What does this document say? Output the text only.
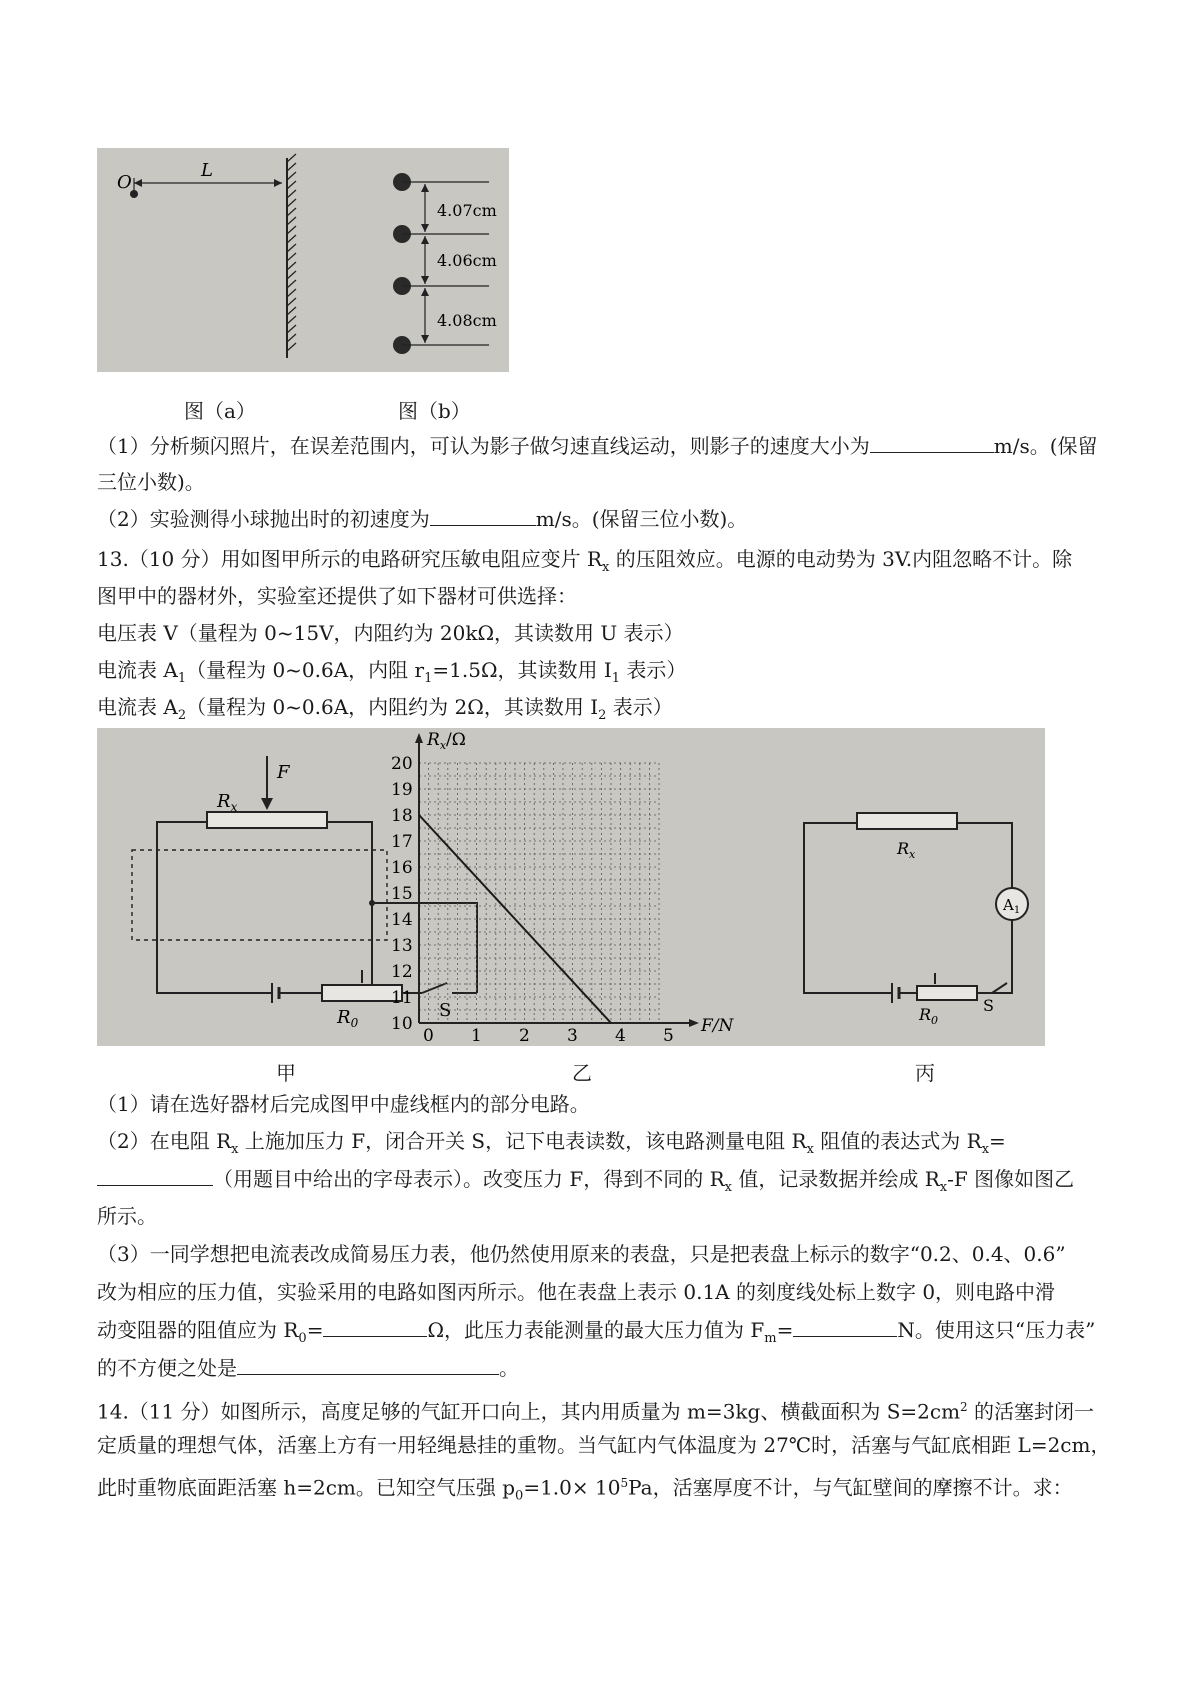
O
L
4.07cm
4.06cm
4.08cm
图（a）	图（b）
（1）分析频闪照片，在误差范围内，可认为影子做匀速直线运动，则影子的速度大小为	m/s。(保留
三位小数)。
（2）实验测得小球抛出时的初速度为	m/s。(保留三位小数)。
13.（10 分）用如图甲所示的电路研究压敏电阻应变片 $R_x$ 的压阻效应。电源的电动势为 3V.内阻忽略不计。除
图甲中的器材外，实验室还提供了如下器材可供选择：
电压表 V（量程为 0~15V，内阻约为 20kΩ，其读数用 U 表示）
电流表 $A_1$（量程为 0~0.6A，内阻 $r_1=1.5\Omega$，其读数用 $I_1$ 表示）
电流表 $A_2$（量程为 0~0.6A，内阻约为 2Ω，其读数用 $I_2$ 表示）
$R_x$
F
$R_0$
S
$R_x$
$A_1$
$R_0$
S
0 1 2 3 4 5
10
11
12
13
14
15
16
17
18
19
20
$R_x/\Omega$
F/N
甲	乙	丙
（1）请在选好器材后完成图甲中虚线框内的部分电路。
（2）在电阻 $R_x$ 上施加压力 F，闭合开关 S，记下电表读数，该电路测量电阻 $R_x$ 阻值的表达式为 $R_x=$
（用题目中给出的字母表示）。改变压力 F，得到不同的 $R_x$ 值，记录数据并绘成 $R_x-F$ 图像如图乙
所示。
（3）一同学想把电流表改成简易压力表，他仍然使用原来的表盘，只是把表盘上标示的数字“0.2、0.4、0.6”
改为相应的压力值，实验采用的电路如图丙所示。他在表盘上表示 0.1A 的刻度线处标上数字 0，则电路中滑
动变阻器的阻值应为 $R_0=$	Ω，此压力表能测量的最大压力值为 $F_m=$	N。使用这只“压力表”
的不方便之处是	。
14.（11 分）如图所示，高度足够的气缸开口向上，其内用质量为 m=3kg、横截面积为 $S=2cm^2$ 的活塞封闭一
定质量的理想气体，活塞上方有一用轻绳悬挂的重物。当气缸内气体温度为 27℃时，活塞与气缸底相距 L=2cm，
此时重物底面距活塞 h=2cm。已知空气压强 $p_0=1.0\times 10^5Pa$，活塞厚度不计，与气缸壁间的摩擦不计。求：
